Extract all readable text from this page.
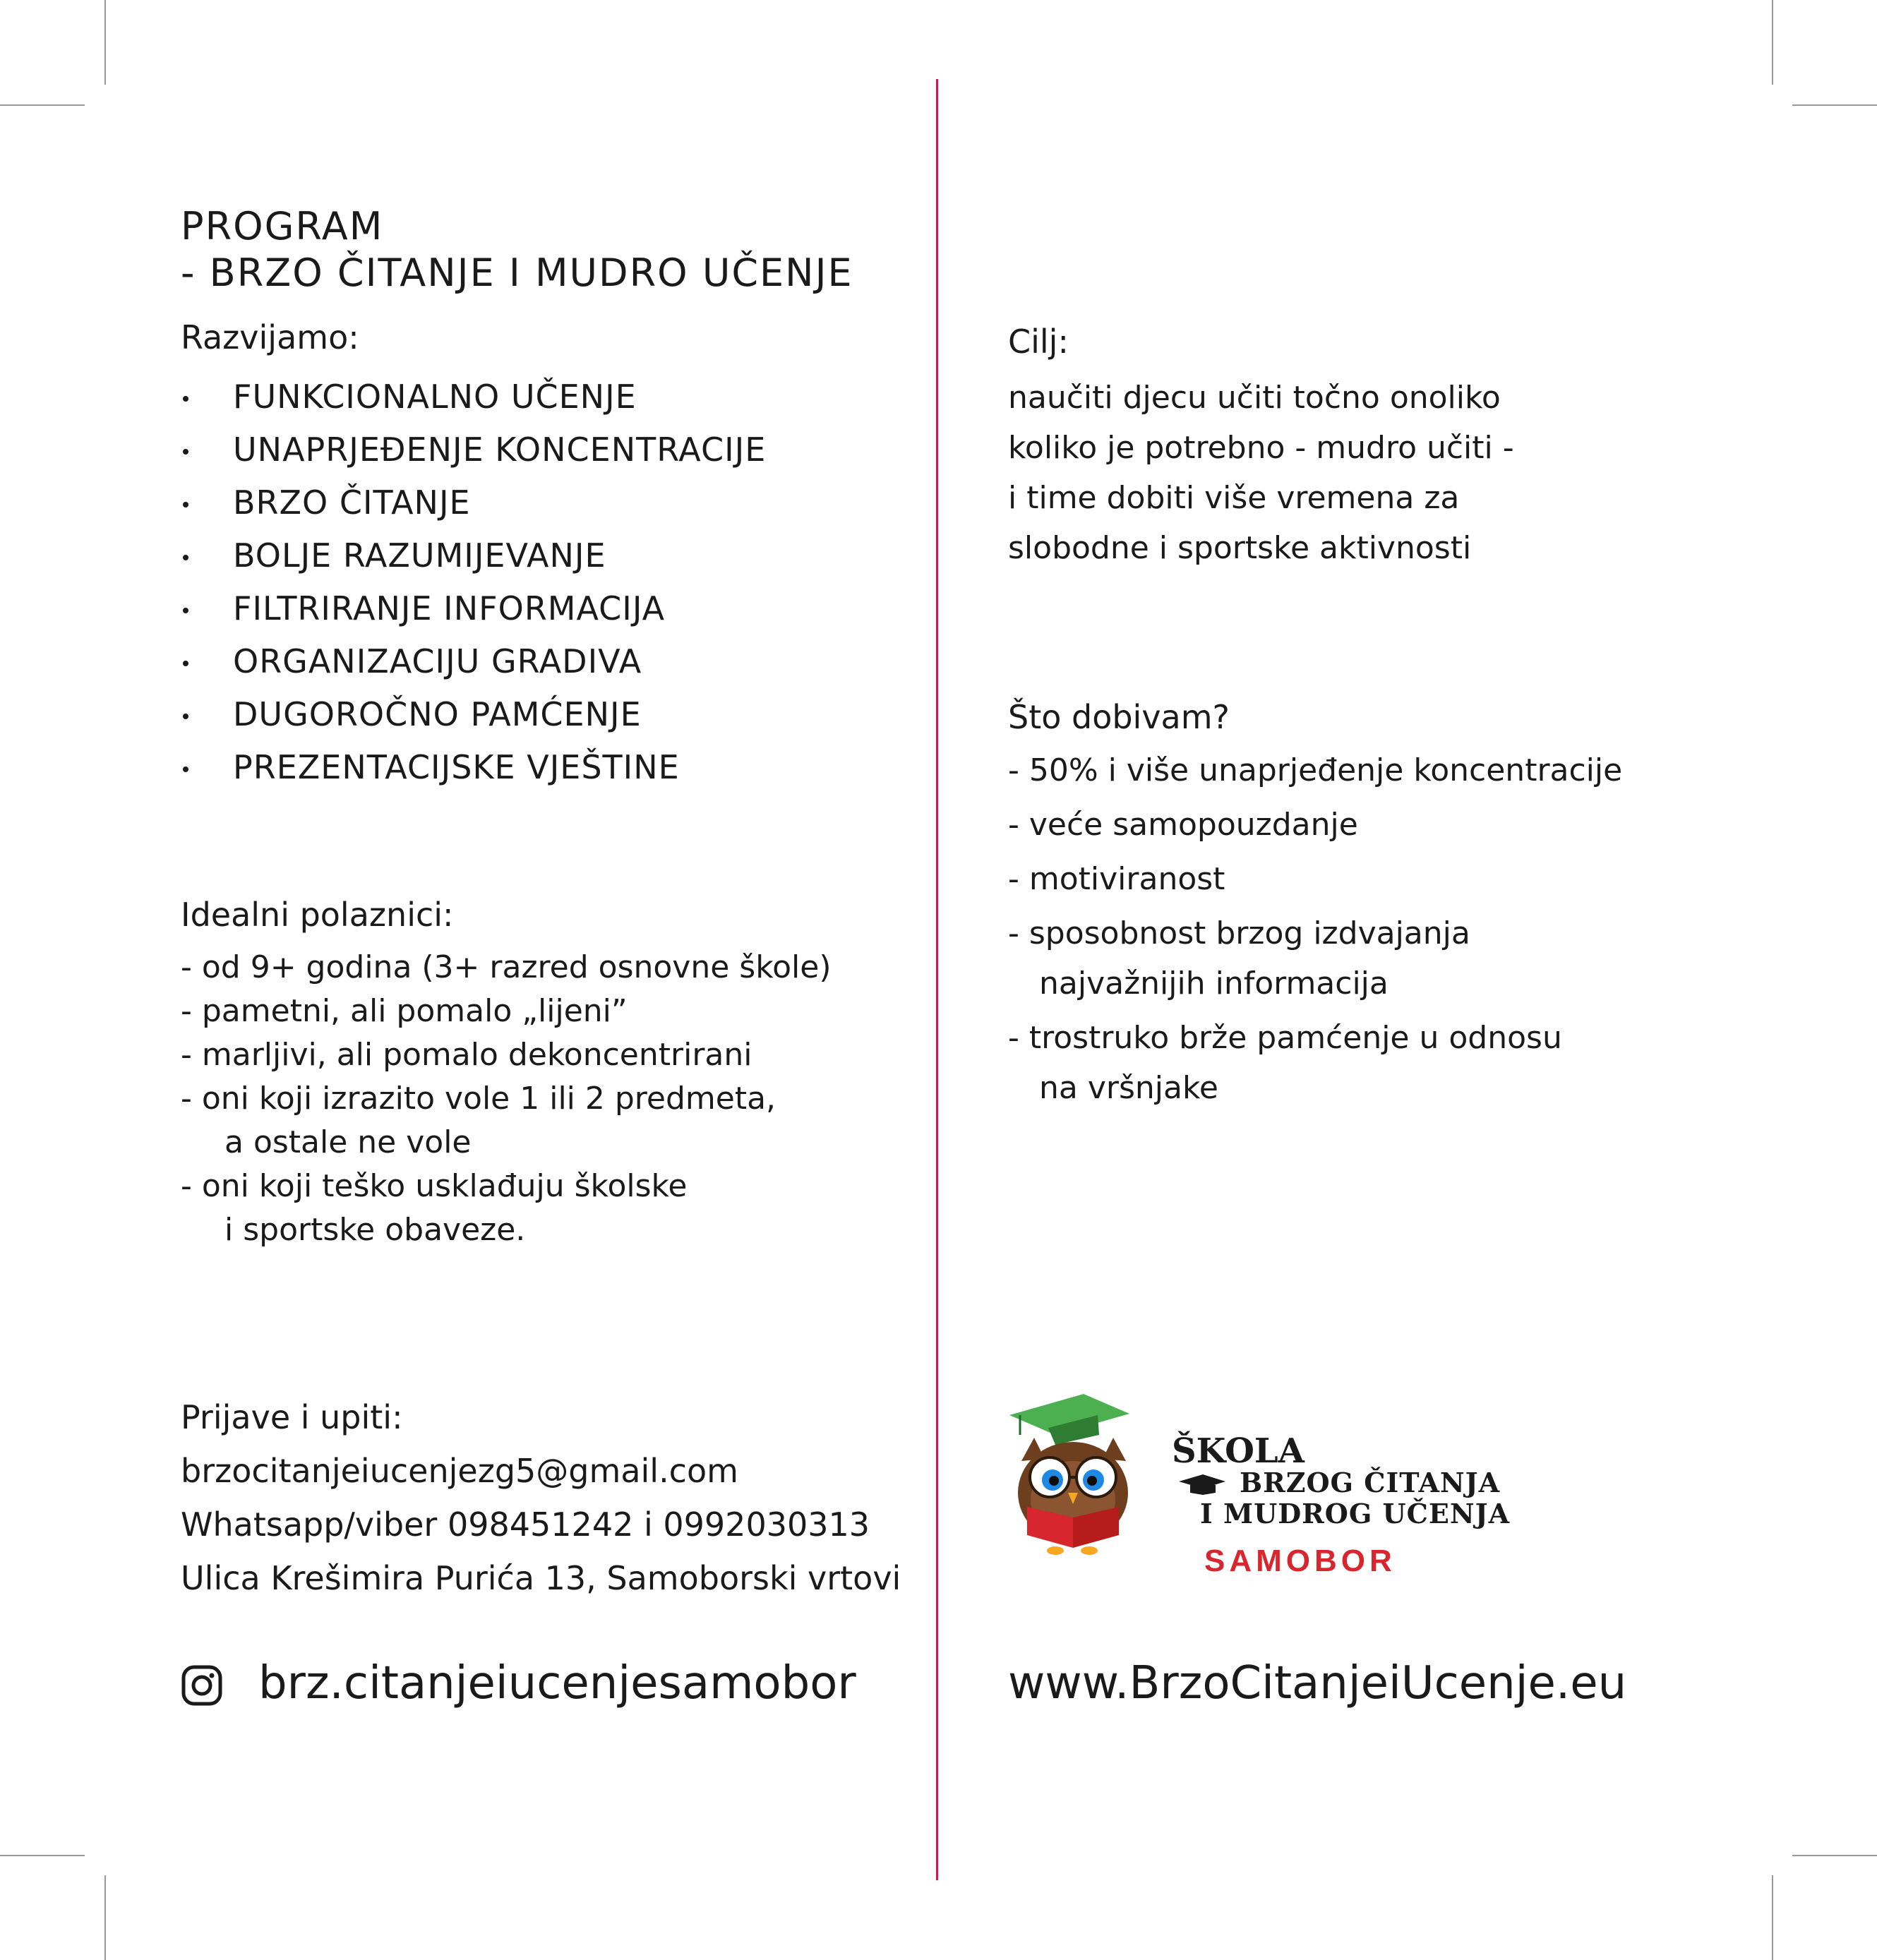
PROGRAM
- BRZO ČITANJE I MUDRO UČENJE
Razvijamo:
FUNKCIONALNO UČENJE
UNAPRJEĐENJE KONCENTRACIJE
BRZO ČITANJE
BOLJE RAZUMIJEVANJE
FILTRIRANJE INFORMACIJA
ORGANIZACIJU GRADIVA
DUGOROČNO PAMĆENJE
PREZENTACIJSKE VJEŠTINE
Idealni polaznici:
- od 9+ godina (3+ razred osnovne škole)
- pametni, ali pomalo „lijeni”
- marljivi, ali pomalo dekoncentrirani
- oni koji izrazito vole 1 ili 2 predmeta,
a ostale ne vole
- oni koji teško usklađuju školske
i sportske obaveze.
Prijave i upiti:
brzocitanjeiucenjezg5@gmail.com
Whatsapp/viber 098451242 i 0992030313
Ulica Krešimira Purića 13, Samoborski vrtovi
brz.citanjeiucenjesamobor
Cilj:
naučiti djecu učiti točno onoliko
koliko je potrebno - mudro učiti -
i time dobiti više vremena za
slobodne i sportske aktivnosti
Što dobivam?
- 50% i više unaprjeđenje koncentracije
- veće samopouzdanje
- motiviranost
- sposobnost brzog izdvajanja
najvažnijih informacija
- trostruko brže pamćenje u odnosu
na vršnjake
ŠKOLA
BRZOG ČITANJA
I MUDROG UČENJA
SAMOBOR
www.BrzoCitanjeiUcenje.eu
